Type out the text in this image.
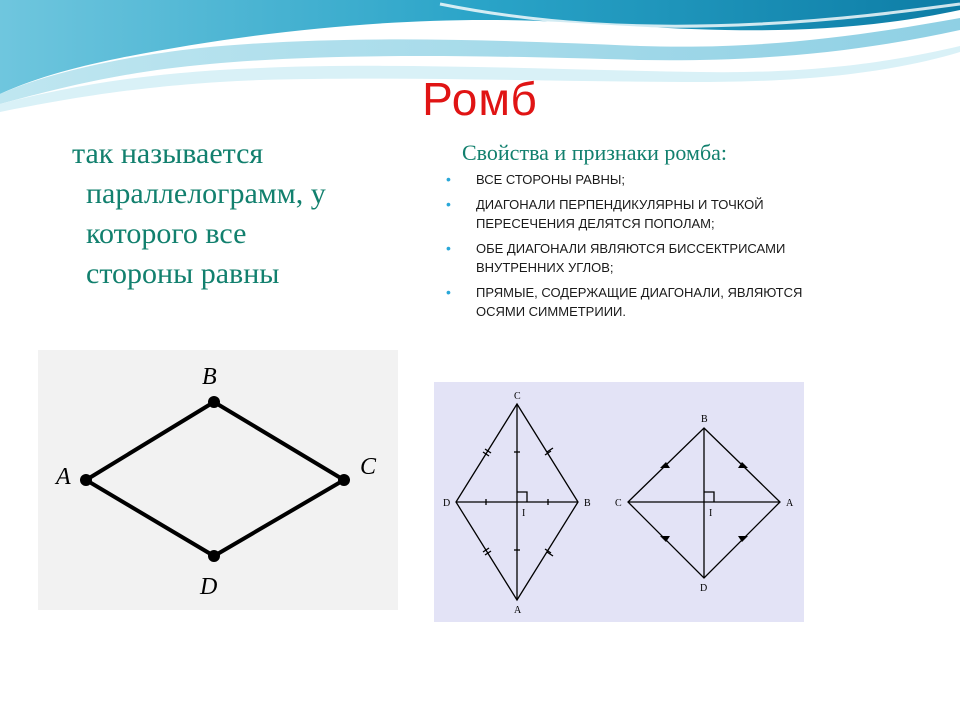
Ромб
так называется
параллелограмм, у
которого все
стороны равны
Свойства и признаки ромба:
• ВСЕ СТОРОНЫ РАВНЫ;
• ДИАГОНАЛИ ПЕРПЕНДИКУЛЯРНЫ И ТОЧКОЙ ПЕРЕСЕЧЕНИЯ ДЕЛЯТСЯ ПОПОЛАМ;
• ОБЕ ДИАГОНАЛИ ЯВЛЯЮТСЯ БИССЕКТРИСАМИ ВНУТРЕННИХ УГЛОВ;
• ПРЯМЫЕ, СОДЕРЖАЩИЕ ДИАГОНАЛИ, ЯВЛЯЮТСЯ ОСЯМИ СИММЕТРИИИ.
A
B
C
D
C
D	B
A
I
B
C	A
D
I
